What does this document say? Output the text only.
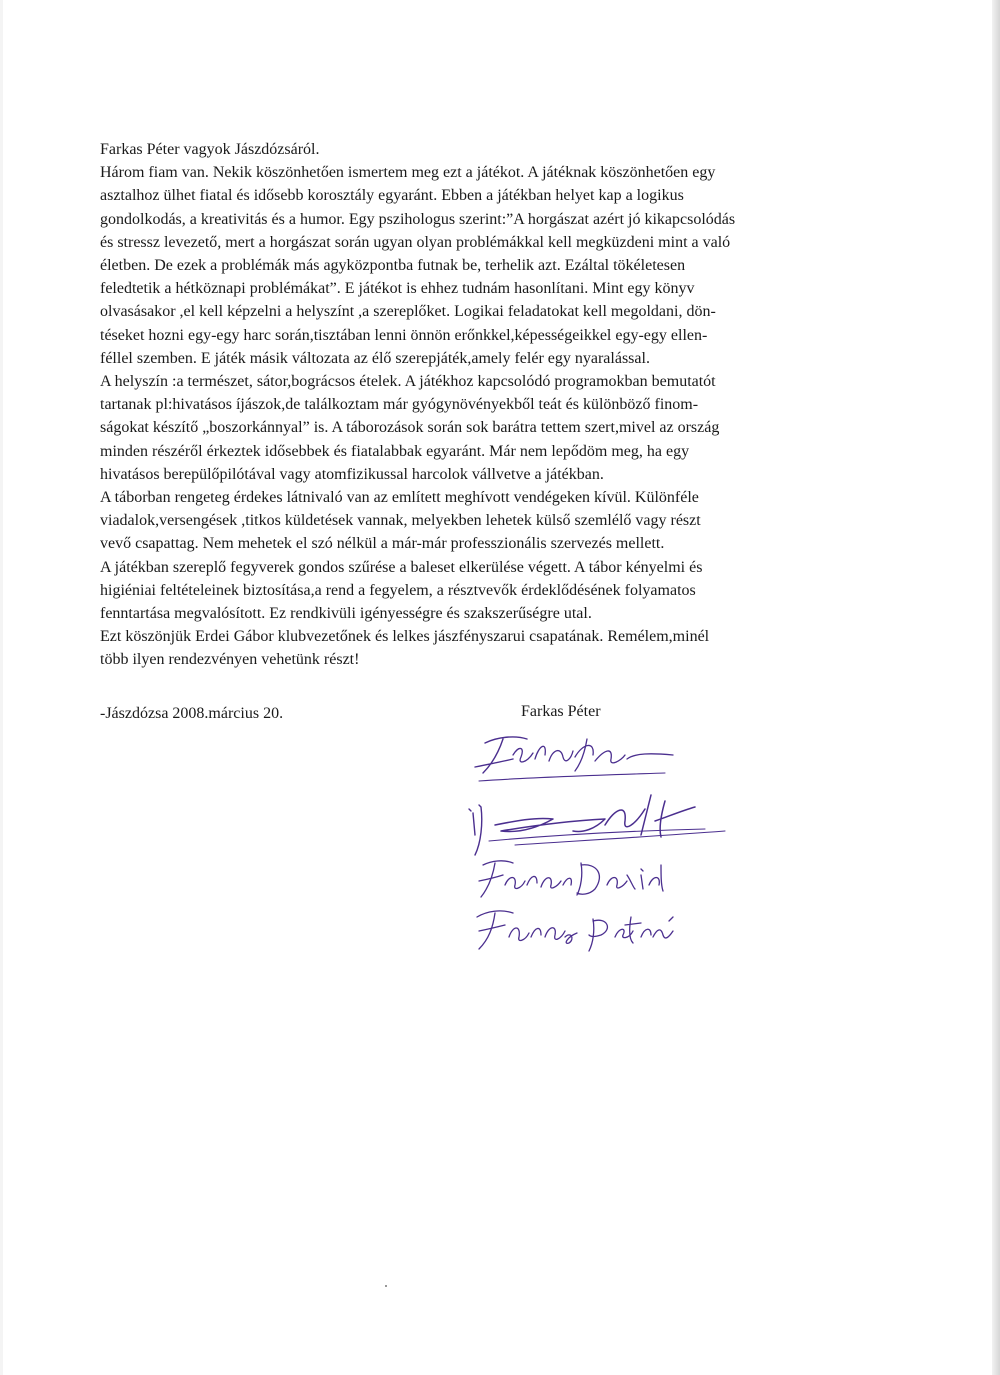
Farkas Péter vagyok Jászdózsáról.
Három fiam van. Nekik köszönhetően ismertem meg ezt a játékot. A játéknak köszönhetően egy
asztalhoz ülhet fiatal és idősebb korosztály egyaránt. Ebben a játékban helyet kap a logikus
gondolkodás, a kreativitás és a humor. Egy pszihologus szerint:”A horgászat azért jó kikapcsolódás
és stressz levezető, mert a horgászat során ugyan olyan problémákkal kell megküzdeni mint a való
életben. De ezek a problémák más agyközpontba futnak be, terhelik azt. Ezáltal tökéletesen
feledtetik a hétköznapi problémákat”. E játékot is ehhez tudnám hasonlítani. Mint egy könyv
olvasásakor ,el kell képzelni a helyszínt ,a szereplőket. Logikai feladatokat kell megoldani, dön-
téseket hozni egy-egy harc során,tisztában lenni önnön erőnkkel,képességeikkel egy-egy ellen-
féllel szemben. E játék másik változata az élő szerepjáték,amely felér egy nyaralással.
A helyszín :a természet, sátor,bográcsos ételek. A játékhoz kapcsolódó programokban bemutatót
tartanak pl:hivatásos íjászok,de találkoztam már gyógynövényekből teát és különböző finom-
ságokat készítő „boszorkánnyal” is. A táborozások során sok barátra tettem szert,mivel az ország
minden részéről érkeztek idősebbek és fiatalabbak egyaránt. Már nem lepődöm meg, ha egy
hivatásos berepülőpilótával vagy atomfizikussal harcolok vállvetve a játékban.
A táborban rengeteg érdekes látnivaló van az említett meghívott vendégeken kívül. Különféle
viadalok,versengések ,titkos küldetések vannak, melyekben lehetek külső szemlélő vagy részt
vevő csapattag. Nem mehetek el szó nélkül a már-már professzionális szervezés mellett.
A játékban szereplő fegyverek gondos szűrése a baleset elkerülése végett. A tábor kényelmi és
higiéniai feltételeinek biztosítása,a rend a fegyelem, a résztvevők érdeklődésének folyamatos
fenntartása megvalósított. Ez rendkivüli igényességre és szakszerűségre utal.
Ezt köszönjük Erdei Gábor klubvezetőnek és lelkes jászfényszarui csapatának. Remélem,minél
több ilyen rendezvényen vehetünk részt!
-Jászdózsa 2008.március 20.	Farkas Péter
